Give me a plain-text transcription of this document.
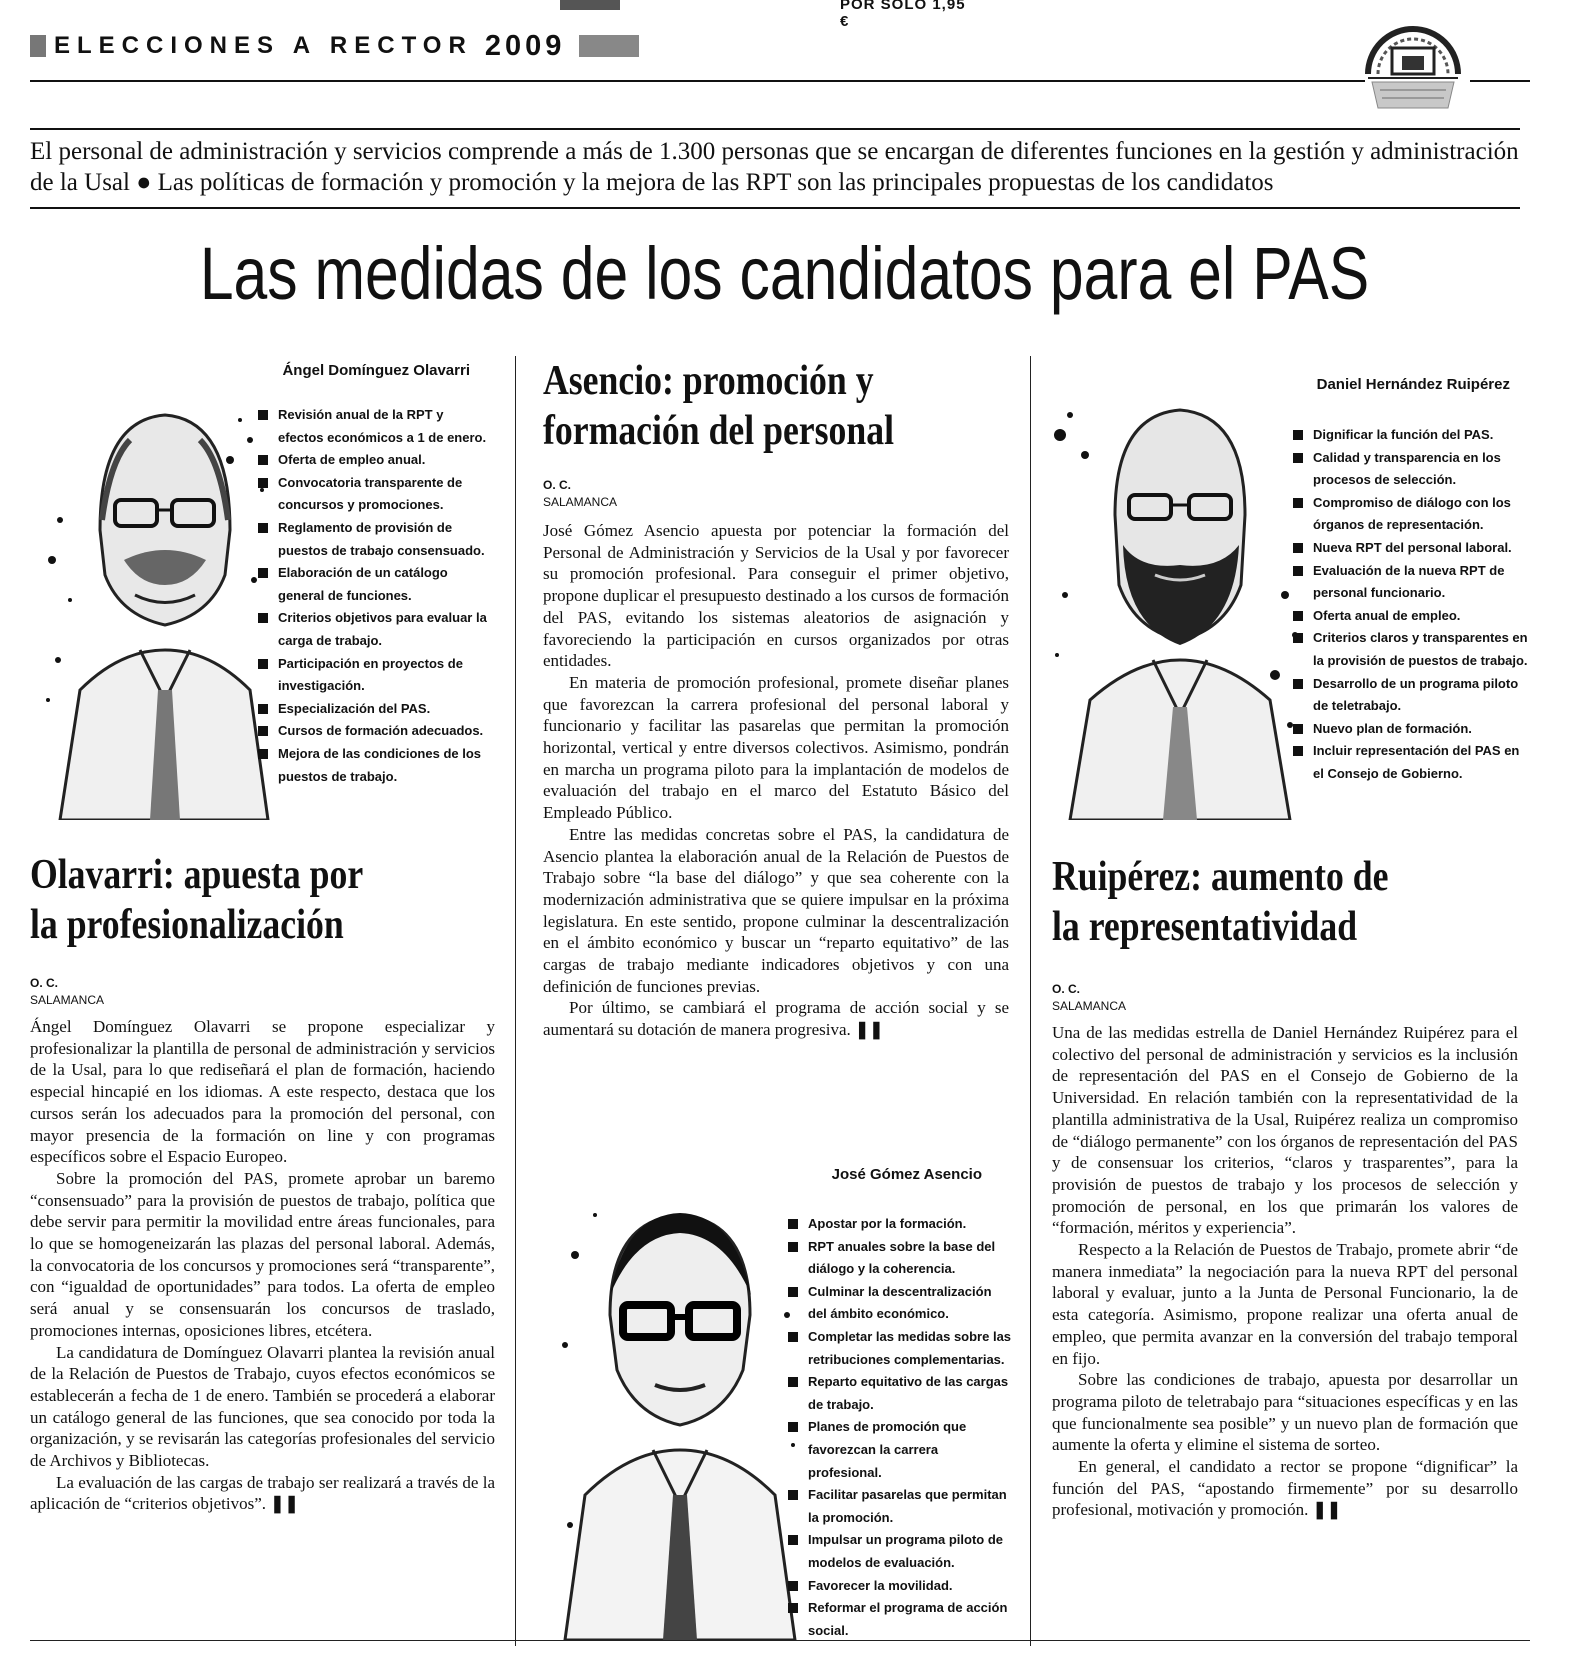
POR SOLO 1,95 €
ELECCIONES A RECTOR 2009
El personal de administración y servicios comprende a más de 1.300 personas que se encargan de diferentes funciones en la gestión y administración de la Usal ● Las políticas de formación y promoción y la mejora de las RPT son las principales propuestas de los candidatos
Las medidas de los candidatos para el PAS
Ángel Domínguez Olavarri
Revisión anual de la RPT y efectos económicos a 1 de enero.
Oferta de empleo anual.
Convocatoria transparente de concursos y promociones.
Reglamento de provisión de puestos de trabajo consensuado.
Elaboración de un catálogo general de funciones.
Criterios objetivos para evaluar la carga de trabajo.
Participación en proyectos de investigación.
Especialización del PAS.
Cursos de formación adecuados.
Mejora de las condiciones de los puestos de trabajo.
Olavarri: apuesta por
la profesionalización
O. C.
SALAMANCA

Ángel Domínguez Olavarri se propone especializar y profesionalizar la plantilla de personal de administración y servicios de la Usal, para lo que rediseñará el plan de formación, haciendo especial hincapié en los idiomas. A este respecto, destaca que los cursos serán los adecuados para la promoción del personal, con mayor presencia de la formación on line y con programas específicos sobre el Espacio Europeo.

Sobre la promoción del PAS, promete aprobar un baremo “consensuado” para la provisión de puestos de trabajo, política que debe servir para permitir la movilidad entre áreas funcionales, para lo que se homogeneizarán las plazas del personal laboral. Además, la convocatoria de los concursos y promociones será “transparente”, con “igualdad de oportunidades” para todos. La oferta de empleo será anual y se consensuarán los concursos de traslado, promociones internas, oposiciones libres, etcétera.

La candidatura de Domínguez Olavarri plantea la revisión anual de la Relación de Puestos de Trabajo, cuyos efectos económicos se establecerán a fecha de 1 de enero. También se procederá a elaborar un catálogo general de las funciones, que sea conocido por toda la organización, y se revisarán las categorías profesionales del servicio de Archivos y Bibliotecas.

La evaluación de las cargas de trabajo ser realizará a través de la aplicación de “criterios objetivos”. ❚❚

Asencio: promoción y
formación del personal
O. C.
SALAMANCA

José Gómez Asencio apuesta por potenciar la formación del Personal de Administración y Servicios de la Usal y por favorecer su promoción profesional. Para conseguir el primer objetivo, propone duplicar el presupuesto destinado a los cursos de formación del PAS, evitando los sistemas aleatorios de asignación y favoreciendo la participación en cursos organizados por otras entidades.

En materia de promoción profesional, promete diseñar planes que favorezcan la carrera profesional del personal laboral y funcionario y facilitar las pasarelas que permitan la promoción horizontal, vertical y entre diversos colectivos. Asimismo, pondrán en marcha un programa piloto para la implantación de modelos de evaluación del trabajo en el marco del Estatuto Básico del Empleado Público.

Entre las medidas concretas sobre el PAS, la candidatura de Asencio plantea la elaboración anual de la Relación de Puestos de Trabajo sobre “la base del diálogo” y que sea coherente con la modernización administrativa que se quiere impulsar en la próxima legislatura. En este sentido, propone culminar la descentralización en el ámbito económico y buscar un “reparto equitativo” de las cargas de trabajo mediante indicadores objetivos y con una definición de funciones previas.

Por último, se cambiará el programa de acción social y se aumentará su dotación de manera progresiva. ❚❚

José Gómez Asencio
Apostar por la formación.
RPT anuales sobre la base del diálogo y la coherencia.
Culminar la descentralización del ámbito económico.
Completar las medidas sobre las retribuciones complementarias.
Reparto equitativo de las cargas de trabajo.
Planes de promoción que favorezcan la carrera profesional.
Facilitar pasarelas que permitan la promoción.
Impulsar un programa piloto de modelos de evaluación.
Favorecer la movilidad.
Reformar el programa de acción social.
Daniel Hernández Ruipérez
Dignificar la función del PAS.
Calidad y transparencia en los procesos de selección.
Compromiso de diálogo con los órganos de representación.
Nueva RPT del personal laboral.
Evaluación de la nueva RPT de personal funcionario.
Oferta anual de empleo.
Criterios claros y transparentes en la provisión de puestos de trabajo.
Desarrollo de un programa piloto de teletrabajo.
Nuevo plan de formación.
Incluir representación del PAS en el Consejo de Gobierno.
Ruipérez: aumento de
la representatividad
O. C.
SALAMANCA

Una de las medidas estrella de Daniel Hernández Ruipérez para el colectivo del personal de administración y servicios es la inclusión de representación del PAS en el Consejo de Gobierno de la Universidad. En relación también con la representatividad de la plantilla administrativa de la Usal, Ruipérez realiza un compromiso de “diálogo permanente” con los órganos de representación del PAS y de consensuar los criterios, “claros y trasparentes”, para la provisión de puestos de trabajo y los procesos de selección y promoción de personal, en los que primarán los valores de “formación, méritos y experiencia”.

Respecto a la Relación de Puestos de Trabajo, promete abrir “de manera inmediata” la negociación para la nueva RPT del personal laboral y evaluar, junto a la Junta de Personal Funcionario, la de esta categoría. Asimismo, propone realizar una oferta anual de empleo, que permita avanzar en la conversión del trabajo temporal en fijo.

Sobre las condiciones de trabajo, apuesta por desarrollar un programa piloto de teletrabajo para “situaciones específicas y en las que funcionalmente sea posible” y un nuevo plan de formación que aumente la oferta y elimine el sistema de sorteo.

En general, el candidato a rector se propone “dignificar” la función del PAS, “apostando firmemente” por su desarrollo profesional, motivación y promoción. ❚❚
